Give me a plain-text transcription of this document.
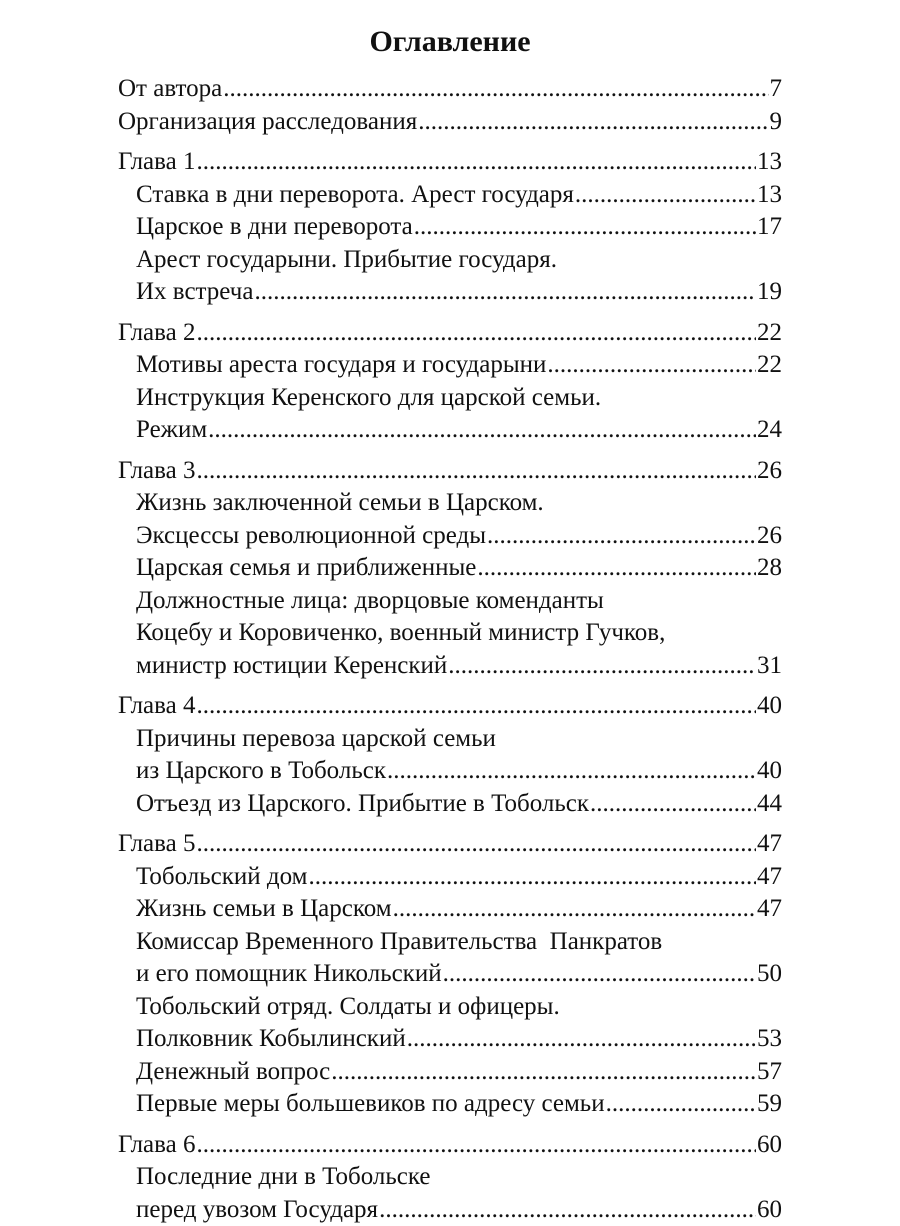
Оглавление
От автора .....	7
Организация расследования .....	9
Глава 1 .....	13
Ставка в дни переворота. Арест государя .....	13
Царское в дни переворота .....	17
Арест государыни. Прибытие государя.
Их встреча .....	19
Глава 2 .....	22
Мотивы ареста государя и государыни .....	22
Инструкция Керенского для царской семьи.
Режим .....	24
Глава 3 .....	26
Жизнь заключенной семьи в Царском.
Эксцессы революционной среды .....	26
Царская семья и приближенные .....	28
Должностные лица: дворцовые коменданты
Коцебу и Коровиченко, военный министр Гучков,
министр юстиции Керенский .....	31
Глава 4 .....	40
Причины перевоза царской семьи
из Царского в Тобольск .....	40
Отъезд из Царского. Прибытие в Тобольск .....	44
Глава 5 .....	47
Тобольский дом .....	47
Жизнь семьи в Царском .....	47
Комиссар Временного Правительства  Панкратов
и его помощник Никольский .....	50
Тобольский отряд. Солдаты и офицеры.
Полковник Кобылинский .....	53
Денежный вопрос .....	57
Первые меры большевиков по адресу семьи .....	59
Глава 6 .....	60
Последние дни в Тобольске
перед увозом Государя .....	60
